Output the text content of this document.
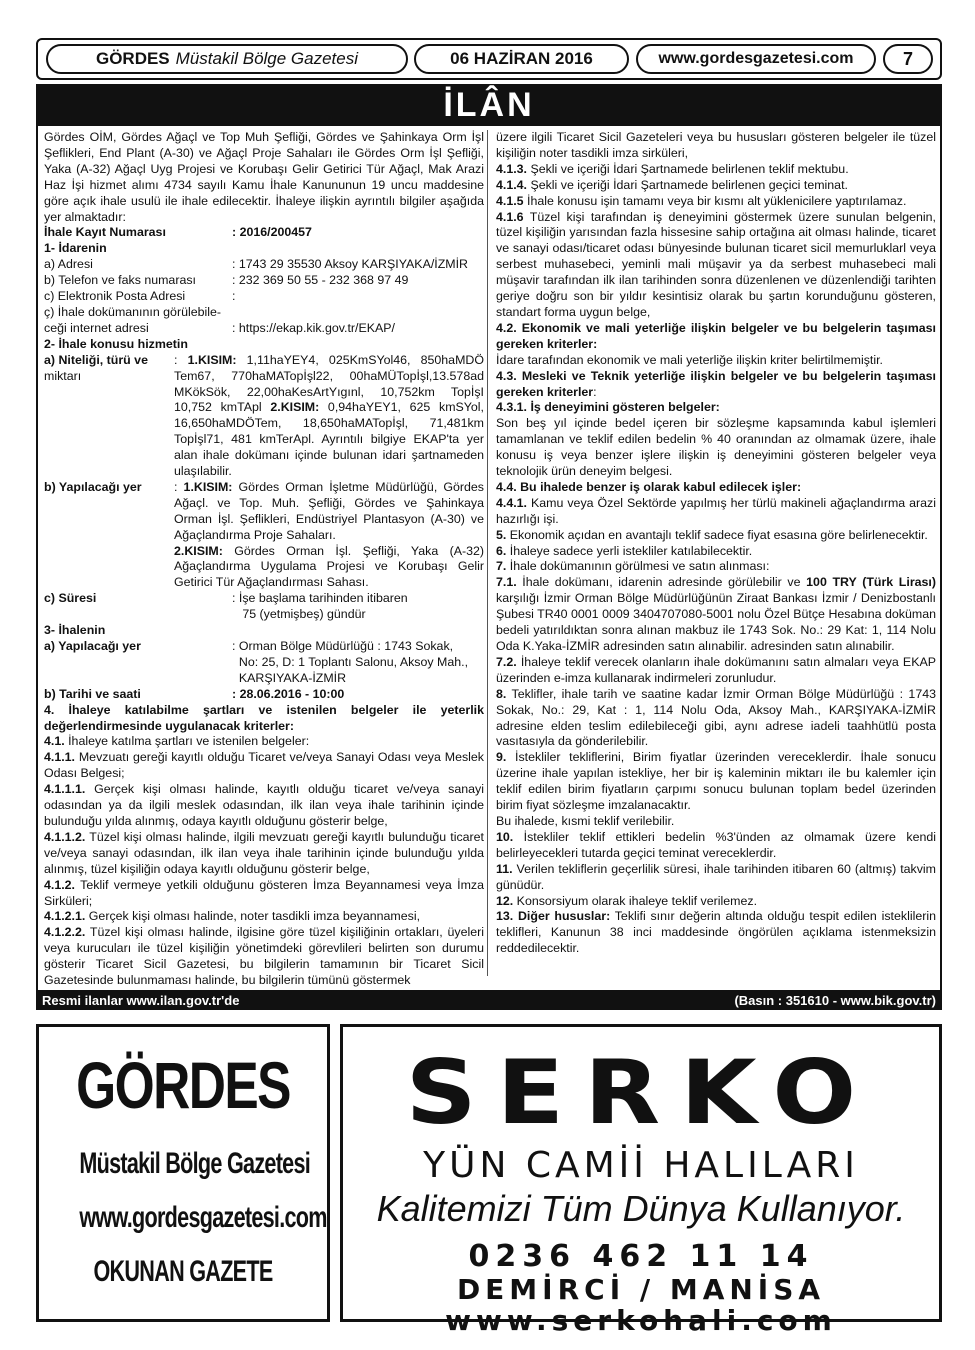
GÖRDES Müstakil Bölge Gazetesi	06 HAZİRAN 2016	www.gordesgazetesi.com	7
İLÂN

Gördes OİM, Gördes Ağaçl ve Top Muh Şefliği, Gördes ve Şahinkaya Orm İşl Şeflikleri, End Plant (A-30) ve Ağaçl Proje Sahaları ile Gördes Orm İşl Şefliği, Yaka (A-32) Ağaçl Uyg Projesi ve Korubaşı Gelir Getirici Tür Ağaçl, Mak Arazi Haz İşi hizmet alımı 4734 sayılı Kamu İhale Kanununun 19 uncu maddesine göre açık ihale usulü ile ihale edilecektir. İhaleye ilişkin ayrıntılı bilgiler aşağıda yer almaktadır:

İhale Kayıt Numarası	: 2016/200457

1- İdarenin

a) Adresi	: 1743 29 35530 Aksoy KARŞIYAKA/İZMİR
b) Telefon ve faks numarası	: 232 369 50 55 - 232 368 97 49
c) Elektronik Posta Adresi	:
ç) İhale dokümanının görülebile-
ceği internet adresi	: https://ekap.kik.gov.tr/EKAP/

2- İhale konusu hizmetin

a) Niteliği, türü ve
miktarı
: 1.KISIM: 1,11haYEY4, 025KmSYol46, 850haMDÖ Tem67, 770haMATopİşl22, 00haMÜTopİşl,13.578ad MKökSök, 22,00haKesArtYıgınl, 10,752km TopİşI 10,752 kmTApl 2.KISIM: 0,94haYEY1, 625 kmSYol, 16,650haMDÖTem, 18,650haMATopİşl, 71,481km Topİşl71, 481 kmTerApl. Ayrıntılı bilgiye EKAP'ta yer alan ihale dokümanı içinde bulunan idari şartnameden ulaşılabilir.
b) Yapılacağı yer	: 1.KISIM: Gördes Orman İşletme Müdürlüğü, Gördes Ağaçl. ve Top. Muh. Şefliği, Gördes ve Şahinkaya Orman İşl. Şeflikleri, Endüstriyel Plantasyon (A-30) ve Ağaçlandırma Proje Sahaları.
2.KISIM: Gördes Orman İşl. Şefliği, Yaka (A-32) Ağaçlandırma Uygulama Projesi ve Korubaşı Gelir Getirici Tür Ağaçlandırması Sahası.
c) Süresi	: İşe başlama tarihinden itibaren
75 (yetmişbeş) gündür

3- İhalenin

a) Yapılacağı yer	: Orman Bölge Müdürlüğü : 1743 Sokak,
No: 25, D: 1 Toplantı Salonu, Aksoy Mah.,
KARŞIYAKA-İZMİR
b) Tarihi ve saati	: 28.06.2016 - 10:00

4. İhaleye katılabilme şartları ve istenilen belgeler ile yeterlik değerlendirmesinde uygulanacak kriterler:

4.1. İhaleye katılma şartları ve istenilen belgeler:

4.1.1. Mevzuatı gereği kayıtlı olduğu Ticaret ve/veya Sanayi Odası veya Meslek Odası Belgesi;

4.1.1.1. Gerçek kişi olması halinde, kayıtlı olduğu ticaret ve/veya sanayi odasından ya da ilgili meslek odasından, ilk ilan veya ihale tarihinin içinde bulunduğu yılda alınmış, odaya kayıtlı olduğunu gösterir belge,

4.1.1.2. Tüzel kişi olması halinde, ilgili mevzuatı gereği kayıtlı bulunduğu ticaret ve/veya sanayi odasından, ilk ilan veya ihale tarihinin içinde bulunduğu yılda alınmış, tüzel kişiliğin odaya kayıtlı olduğunu gösterir belge,

4.1.2. Teklif vermeye yetkili olduğunu gösteren İmza Beyannamesi veya İmza Sirküleri;

4.1.2.1. Gerçek kişi olması halinde, noter tasdikli imza beyannamesi,

4.1.2.2. Tüzel kişi olması halinde, ilgisine göre tüzel kişiliğinin ortakları, üyeleri veya kurucuları ile tüzel kişiliğin yönetimdeki görevlileri belirten son durumu gösterir Ticaret Sicil Gazetesi, bu bilgilerin tamamının bir Ticaret Sicil Gazetesinde bulunmaması halinde, bu bilgilerin tümünü göstermek

üzere ilgili Ticaret Sicil Gazeteleri veya bu hususları gösteren belgeler ile tüzel kişiliğin noter tasdikli imza sirküleri,

4.1.3. Şekli ve içeriği İdari Şartnamede belirlenen teklif mektubu.

4.1.4. Şekli ve içeriği İdari Şartnamede belirlenen geçici teminat.

4.1.5 İhale konusu işin tamamı veya bir kısmı alt yüklenicilere yaptırılamaz.

4.1.6 Tüzel kişi tarafından iş deneyimini göstermek üzere sunulan belgenin, tüzel kişiliğin yarısından fazla hissesine sahip ortağına ait olması halinde, ticaret ve sanayi odası/ticaret odası bünyesinde bulunan ticaret sicil memurluklarl veya serbest muhasebeci, yeminli mali müşavir ya da serbest muhasebeci mali müşavir tarafından ilk ilan tarihinden sonra düzenlenen ve düzenlendiği tarihten geriye doğru son bir yıldır kesintisiz olarak bu şartın korunduğunu gösteren, standart forma uygun belge,

4.2. Ekonomik ve mali yeterliğe ilişkin belgeler ve bu belgelerin taşıması gereken kriterler:

İdare tarafından ekonomik ve mali yeterliğe ilişkin kriter belirtilmemiştir.

4.3. Mesleki ve Teknik yeterliğe ilişkin belgeler ve bu belgelerin taşıması gereken kriterler:

4.3.1. İş deneyimini gösteren belgeler:

Son beş yıl içinde bedel içeren bir sözleşme kapsamında kabul işlemleri tamamlanan ve teklif edilen bedelin % 40 oranından az olmamak üzere, ihale konusu iş veya benzer işlere ilişkin iş deneyimini gösteren belgeler veya teknolojik ürün deneyim belgesi.

4.4. Bu ihalede benzer iş olarak kabul edilecek işler:

4.4.1. Kamu veya Özel Sektörde yapılmış her türlü makineli ağaçlandırma arazi hazırlığı işi.

5. Ekonomik açıdan en avantajlı teklif sadece fiyat esasına göre belirlenecektir.

6. İhaleye sadece yerli istekliler katılabilecektir.

7. İhale dokümanının görülmesi ve satın alınması:

7.1. İhale dokümanı, idarenin adresinde görülebilir ve 100 TRY (Türk Lirası) karşılığı İzmir Orman Bölge Müdürlüğünün Ziraat Bankası İzmir / Denizbostanlı Şubesi TR40 0001 0009 3404707080-5001 nolu Özel Bütçe Hesabına doküman bedeli yatırıldıktan sonra alınan makbuz ile 1743 Sok. No.: 29 Kat: 1, 114 Nolu Oda K.Yaka-İZMİR adresinden satın alınabilir. adresinden satın alınabilir.

7.2. İhaleye teklif verecek olanların ihale dokümanını satın almaları veya EKAP üzerinden e-imza kullanarak indirmeleri zorunludur.

8. Teklifler, ihale tarih ve saatine kadar İzmir Orman Bölge Müdürlüğü : 1743 Sokak, No.: 29, Kat : 1, 114 Nolu Oda, Aksoy Mah., KARŞIYAKA-İZMİR adresine elden teslim edilebileceği gibi, aynı adrese iadeli taahhütlü posta vasıtasıyla da gönderilebilir.

9. İstekliler tekliflerini, Birim fiyatlar üzerinden vereceklerdir. İhale sonucu üzerine ihale yapılan istekliye, her bir iş kaleminin miktarı ile bu kalemler için teklif edilen birim fiyatların çarpımı sonucu bulunan toplam bedel üzerinden birim fiyat sözleşme imzalanacaktır.

Bu ihalede, kısmi teklif verilebilir.

10. İstekliler teklif ettikleri bedelin %3'ünden az olmamak üzere kendi belirleyecekleri tutarda geçici teminat vereceklerdir.

11. Verilen tekliflerin geçerlilik süresi, ihale tarihinden itibaren 60 (altmış) takvim günüdür.

12. Konsorsiyum olarak ihaleye teklif verilemez.

13. Diğer hususlar: Teklifi sınır değerin altında olduğu tespit edilen isteklilerin teklifleri, Kanunun 38 inci maddesinde öngörülen açıklama istenmeksizin reddedilecektir.

Resmi ilanlar www.ilan.gov.tr'de	(Basın : 351610 - www.bik.gov.tr)
GÖRDES
Müstakil Bölge Gazetesi
www.gordesgazetesi.com
OKUNAN GAZETE
SERKO
YÜN CAMİİ HALILARI
Kalitemizi Tüm Dünya Kullanıyor.
0236 462 11 14
DEMİRCİ / MANİSA
www.serkohali.com
